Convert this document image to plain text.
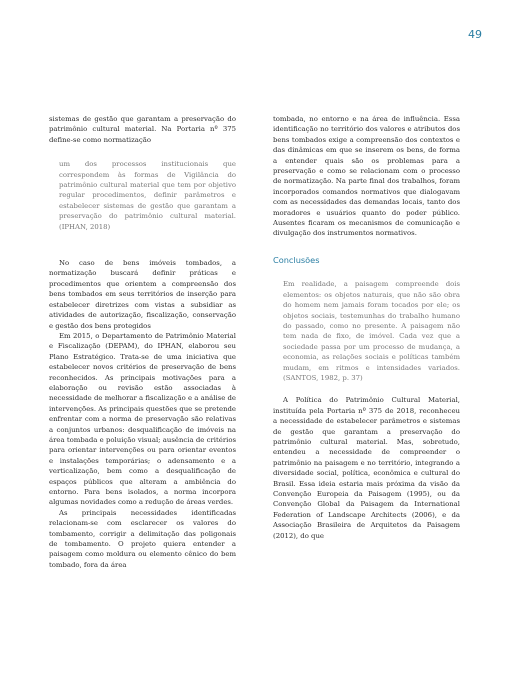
49

sistemas de gestão que garantam a preservação do patrimônio cultural material. Na Portaria nº 375 define-se como normatização

um dos processos institucionais que correspondem às formas de Vigilância do patrimônio cultural material que tem por objetivo regular procedimentos, definir parâmetros e estabelecer sistemas de gestão que garantam a preservação do patrimônio cultural material. (IPHAN, 2018)

No caso de bens imóveis tombados, a normatização buscará definir práticas e procedimentos que orientem a compreensão dos bens tombados em seus territórios de inserção para estabelecer diretrizes com vistas a subsidiar as atividades de autorização, fiscalização, conservação e gestão dos bens protegidos

Em 2015, o Departamento de Patrimônio Material e Fiscalização (DEPAM), do IPHAN, elaborou seu Plano Estratégico. Trata-se de uma iniciativa que estabelecer novos critérios de preservação de bens reconhecidos. As principais motivações para a elaboração ou revisão estão associadas à necessidade de melhorar a fiscalização e a análise de intervenções. As principais questões que se pretende enfrentar com a norma de preservação são relativas a conjuntos urbanos: desqualificação de imóveis na área tombada e poluição visual; ausência de critérios para orientar intervenções ou para orientar eventos e instalações temporárias; o adensamento e a verticalização, bem como a desqualificação de espaços públicos que alteram a ambiência do entorno. Para bens isolados, a norma incorpora algumas novidades como a redução de áreas verdes.

As principais necessidades identificadas relacionam-se com esclarecer os valores do tombamento, corrigir a delimitação das poligonais de tombamento. O projeto quiera entender a paisagem como moldura ou elemento cênico do bem tombado, fora da área

tombada, no entorno e na área de influência. Essa identificação no território dos valores e atributos dos bens tombados exige a compreensão dos contextos e das dinâmicas em que se inserem os bens, de forma a entender quais são os problemas para a preservação e como se relacionam com o processo de normatização. Na parte final dos trabalhos, foram incorporados comandos normativos que dialogavam com as necessidades das demandas locais, tanto dos moradores e usuários quanto do poder público. Ausentes ficaram os mecanismos de comunicação e divulgação dos instrumentos normativos.

Conclusões

Em realidade, a paisagem compreende dois elementos: os objetos naturais, que não são obra do homem nem jamais foram tocados por ele; os objetos sociais, testemunhas do trabalho humano do passado, como no presente. A paisagem não tem nada de fixo, de imóvel. Cada vez que a sociedade passa por um processo de mudança, a economia, as relações sociais e políticas também mudam, em ritmos e intensidades variados. (SANTOS, 1982, p. 37)

A Política do Patrimônio Cultural Material, instituída pela Portaria nº 375 de 2018, reconheceu a necessidade de estabelecer parâmetros e sistemas de gestão que garantam a preservação do patrimônio cultural material. Mas, sobretudo, entendeu a necessidade de compreender o patrimônio na paisagem e no território, integrando a diversidade social, política, econômica e cultural do Brasil. Essa ideia estaria mais próxima da visão da Convenção Europeia da Paisagem (1995), ou da Convenção Global da Paisagem da International Federation of Landscape Architects (2006), e da Associação Brasileira de Arquitetos da Paisagem (2012), do que
